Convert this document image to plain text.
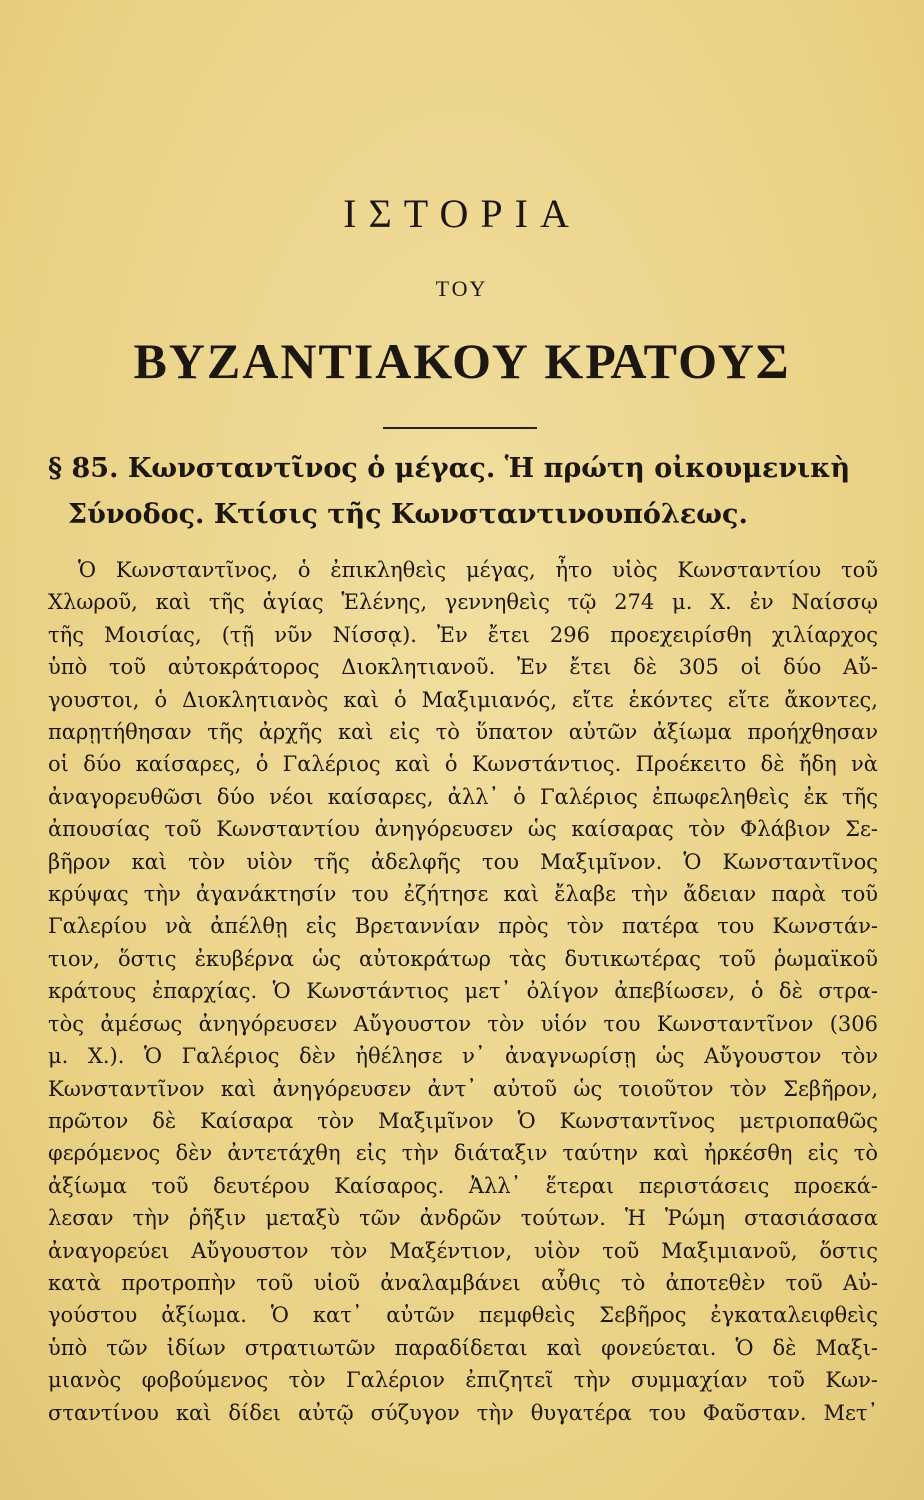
ΙΣΤΟΡΙΑ
ΤΟΥ
ΒΥΖΑΝΤΙΑΚΟΥ ΚΡΑΤΟΥΣ
§ 85. Κωνσταντῖνος ὁ μέγας. Ἡ πρώτη οἰκουμενικὴ
Σύνοδος. Κτίσις τῆς Κωνσταντινουπόλεως.
Ὁ Κωνσταντῖνος, ὁ ἐπικληθεὶς μέγας, ἦτο υἱὸς Κωνσταντίου τοῦ
Χλωροῦ, καὶ τῆς ἁγίας Ἑλένης, γεννηθεὶς τῷ 274 μ. Χ. ἐν Ναίσσῳ
τῆς Μοισίας, (τῇ νῦν Νίσσᾳ). Ἐν ἔτει 296 προεχειρίσθη χιλίαρχος
ὑπὸ τοῦ αὐτοκράτορος Διοκλητιανοῦ. Ἐν ἔτει δὲ 305 οἱ δύο Αὔ-
γουστοι, ὁ Διοκλητιανὸς καὶ ὁ Μαξιμιανός, εἴτε ἑκόντες εἴτε ἄκοντες,
παρῃτήθησαν τῆς ἀρχῆς καὶ εἰς τὸ ὕπατον αὐτῶν ἀξίωμα προήχθησαν
οἱ δύο καίσαρες, ὁ Γαλέριος καὶ ὁ Κωνστάντιος. Προέκειτο δὲ ἤδη νὰ
ἀναγορευθῶσι δύο νέοι καίσαρες, ἀλλ᾿ ὁ Γαλέριος ἐπωφεληθεὶς ἐκ τῆς
ἀπουσίας τοῦ Κωνσταντίου ἀνηγόρευσεν ὡς καίσαρας τὸν Φλάβιον Σε-
βῆρον καὶ τὸν υἱὸν τῆς ἀδελφῆς του Μαξιμῖνον. Ὁ Κωνσταντῖνος
κρύψας τὴν ἀγανάκτησίν του ἐζήτησε καὶ ἔλαβε τὴν ἄδειαν παρὰ τοῦ
Γαλερίου νὰ ἀπέλθῃ εἰς Βρεταννίαν πρὸς τὸν πατέρα του Κωνστάν-
τιον, ὅστις ἐκυβέρνα ὡς αὐτοκράτωρ τὰς δυτικωτέρας τοῦ ῥωμαϊκοῦ
κράτους ἐπαρχίας. Ὁ Κωνστάντιος μετ᾿ ὀλίγον ἀπεβίωσεν, ὁ δὲ στρα-
τὸς ἀμέσως ἀνηγόρευσεν Αὔγουστον τὸν υἱόν του Κωνσταντῖνον (306
μ. Χ.). Ὁ Γαλέριος δὲν ἠθέλησε ν᾿ ἀναγνωρίσῃ ὡς Αὔγουστον τὸν
Κωνσταντῖνον καὶ ἀνηγόρευσεν ἀντ᾿ αὐτοῦ ὡς τοιοῦτον τὸν Σεβῆρον,
πρῶτον δὲ Καίσαρα τὸν Μαξιμῖνον Ὁ Κωνσταντῖνος μετριοπαθῶς
φερόμενος δὲν ἀντετάχθη εἰς τὴν διάταξιν ταύτην καὶ ἠρκέσθη εἰς τὸ
ἀξίωμα τοῦ δευτέρου Καίσαρος. Ἀλλ᾿ ἕτεραι περιστάσεις προεκά-
λεσαν τὴν ῥῆξιν μεταξὺ τῶν ἀνδρῶν τούτων. Ἡ Ῥώμη στασιάσασα
ἀναγορεύει Αὔγουστον τὸν Μαξέντιον, υἱὸν τοῦ Μαξιμιανοῦ, ὅστις
κατὰ προτροπὴν τοῦ υἱοῦ ἀναλαμβάνει αὖθις τὸ ἀποτεθὲν τοῦ Αὐ-
γούστου ἀξίωμα. Ὁ κατ᾿ αὐτῶν πεμφθεὶς Σεβῆρος ἐγκαταλειφθεὶς
ὑπὸ τῶν ἰδίων στρατιωτῶν παραδίδεται καὶ φονεύεται. Ὁ δὲ Μαξι-
μιανὸς φοβούμενος τὸν Γαλέριον ἐπιζητεῖ τὴν συμμαχίαν τοῦ Κων-
σταντίνου καὶ δίδει αὐτῷ σύζυγον τὴν θυγατέρα του Φαῦσταν. Μετ᾿
